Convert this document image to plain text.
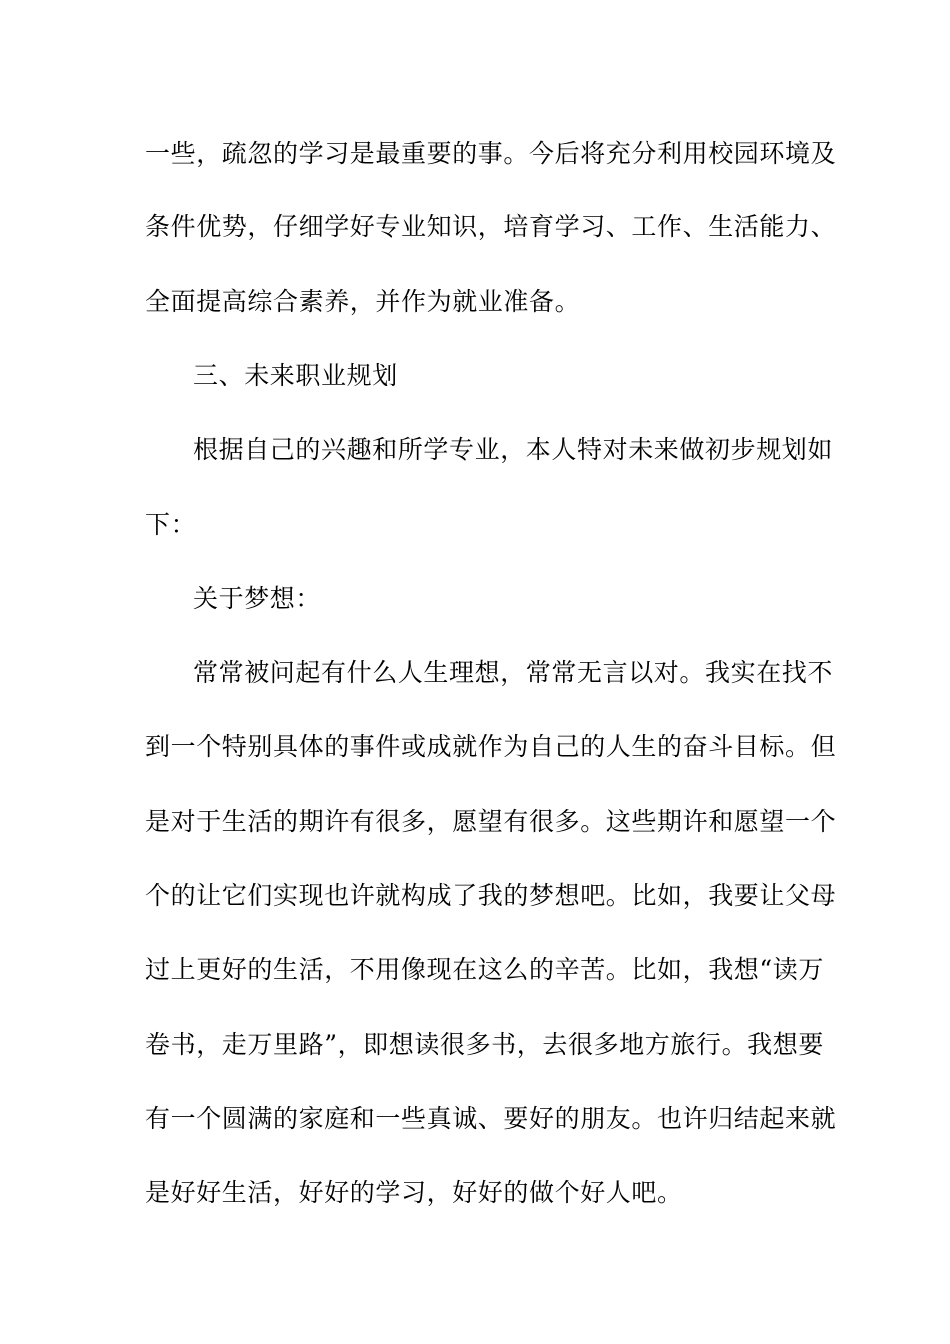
一些，疏忽的学习是最重要的事。今后将充分利用校园环境及
条件优势，仔细学好专业知识，培育学习、工作、生活能力、
全面提高综合素养，并作为就业准备。
三、未来职业规划
根据自己的兴趣和所学专业，本人特对未来做初步规划如
下：
关于梦想：
常常被问起有什么人生理想，常常无言以对。我实在找不
到一个特别具体的事件或成就作为自己的人生的奋斗目标。但
是对于生活的期许有很多，愿望有很多。这些期许和愿望一个
个的让它们实现也许就构成了我的梦想吧。比如，我要让父母
过上更好的生活，不用像现在这么的辛苦。比如，我想“读万
卷书，走万里路”，即想读很多书，去很多地方旅行。我想要
有一个圆满的家庭和一些真诚、要好的朋友。也许归结起来就
是好好生活，好好的学习，好好的做个好人吧。
